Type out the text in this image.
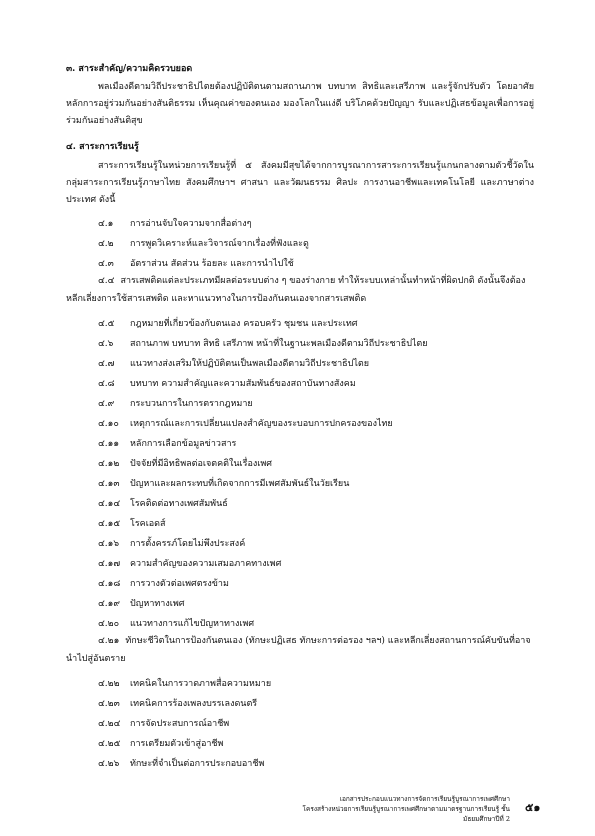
๓. สาระสำคัญ/ความคิดรวบยอด
พลเมืองดีตามวิถีประชาธิปไตยต้องปฏิบัติตนตามสถานภาพ บทบาท สิทธิและเสรีภาพ และรู้จักปรับตัว โดยอาศัยหลักการอยู่ร่วมกันอย่างสันติธรรม เห็นคุณค่าของตนเอง มองโลกในแง่ดี บริโภคด้วยปัญญา รับและปฏิเสธข้อมูลเพื่อการอยู่ร่วมกันอย่างสันติสุข
๔. สาระการเรียนรู้
สาระการเรียนรู้ในหน่วยการเรียนรู้ที่ ๕ สังคมมีสุขได้จากการบูรณาการสาระการเรียนรู้แกนกลางตามตัวชี้วัดในกลุ่มสาระการเรียนรู้ภาษาไทย สังคมศึกษาฯ ศาสนา และวัฒนธรรม ศิลปะ การงานอาชีพและเทคโนโลยี และภาษาต่างประเทศ ดังนี้
๔.๑ การอ่านจับใจความจากสื่อต่างๆ
๔.๒ การพูดวิเคราะห์และวิจารณ์จากเรื่องที่ฟังและดู
๔.๓ อัตราส่วน สัดส่วน ร้อยละ และการนำไปใช้
๔.๔ สารเสพติดแต่ละประเภทมีผลต่อระบบต่าง ๆ ของร่างกาย ทำให้ระบบเหล่านั้นทำหน้าที่ผิดปกติ ดังนั้นจึงต้องหลีกเลี่ยงการใช้สารเสพติด และหาแนวทางในการป้องกันตนเองจากสารเสพติด
๔.๕ กฎหมายที่เกี่ยวข้องกับตนเอง ครอบครัว ชุมชน และประเทศ
๔.๖ สถานภาพ บทบาท สิทธิ เสรีภาพ หน้าที่ในฐานะพลเมืองดีตามวิถีประชาธิปไตย
๔.๗ แนวทางส่งเสริมให้ปฏิบัติตนเป็นพลเมืองดีตามวิถีประชาธิปไตย
๔.๘ บทบาท ความสำคัญและความสัมพันธ์ของสถาบันทางสังคม
๔.๙ กระบวนการในการตรากฎหมาย
๔.๑๐ เหตุการณ์และการเปลี่ยนแปลงสำคัญของระบอบการปกครองของไทย
๔.๑๑ หลักการเลือกข้อมูลข่าวสาร
๔.๑๒ ปัจจัยที่มีอิทธิพลต่อเจตคติในเรื่องเพศ
๔.๑๓ ปัญหาและผลกระทบที่เกิดจากการมีเพศสัมพันธ์ในวัยเรียน
๔.๑๔ โรคติดต่อทางเพศสัมพันธ์
๔.๑๕ โรคเอดส์
๔.๑๖ การตั้งครรภ์โดยไม่พึงประสงค์
๔.๑๗ ความสำคัญของความเสมอภาคทางเพศ
๔.๑๘ การวางตัวต่อเพศตรงข้าม
๔.๑๙ ปัญหาทางเพศ
๔.๒๐ แนวทางการแก้ไขปัญหาทางเพศ
๔.๒๑ ทักษะชีวิตในการป้องกันตนเอง (ทักษะปฏิเสธ ทักษะการต่อรอง ฯลฯ) และหลีกเลี่ยงสถานการณ์คับขันที่อาจนำไปสู่อันตราย
๔.๒๒ เทคนิคในการวาดภาพสื่อความหมาย
๔.๒๓ เทคนิคการร้องเพลงบรรเลงดนตรี
๔.๒๔ การจัดประสบการณ์อาชีพ
๔.๒๕ การเตรียมตัวเข้าสู่อาชีพ
๔.๒๖ ทักษะที่จำเป็นต่อการประกอบอาชีพ
เอกสารประกอบแนวทางการจัดการเรียนรู้บูรณาการเพศศึกษา
โครงสร้างหน่วยการเรียนรู้บูรณาการเพศศึกษาตามมาตรฐานการเรียนรู้ ชั้นมัธยมศึกษาปีที่ 2
๕๑
